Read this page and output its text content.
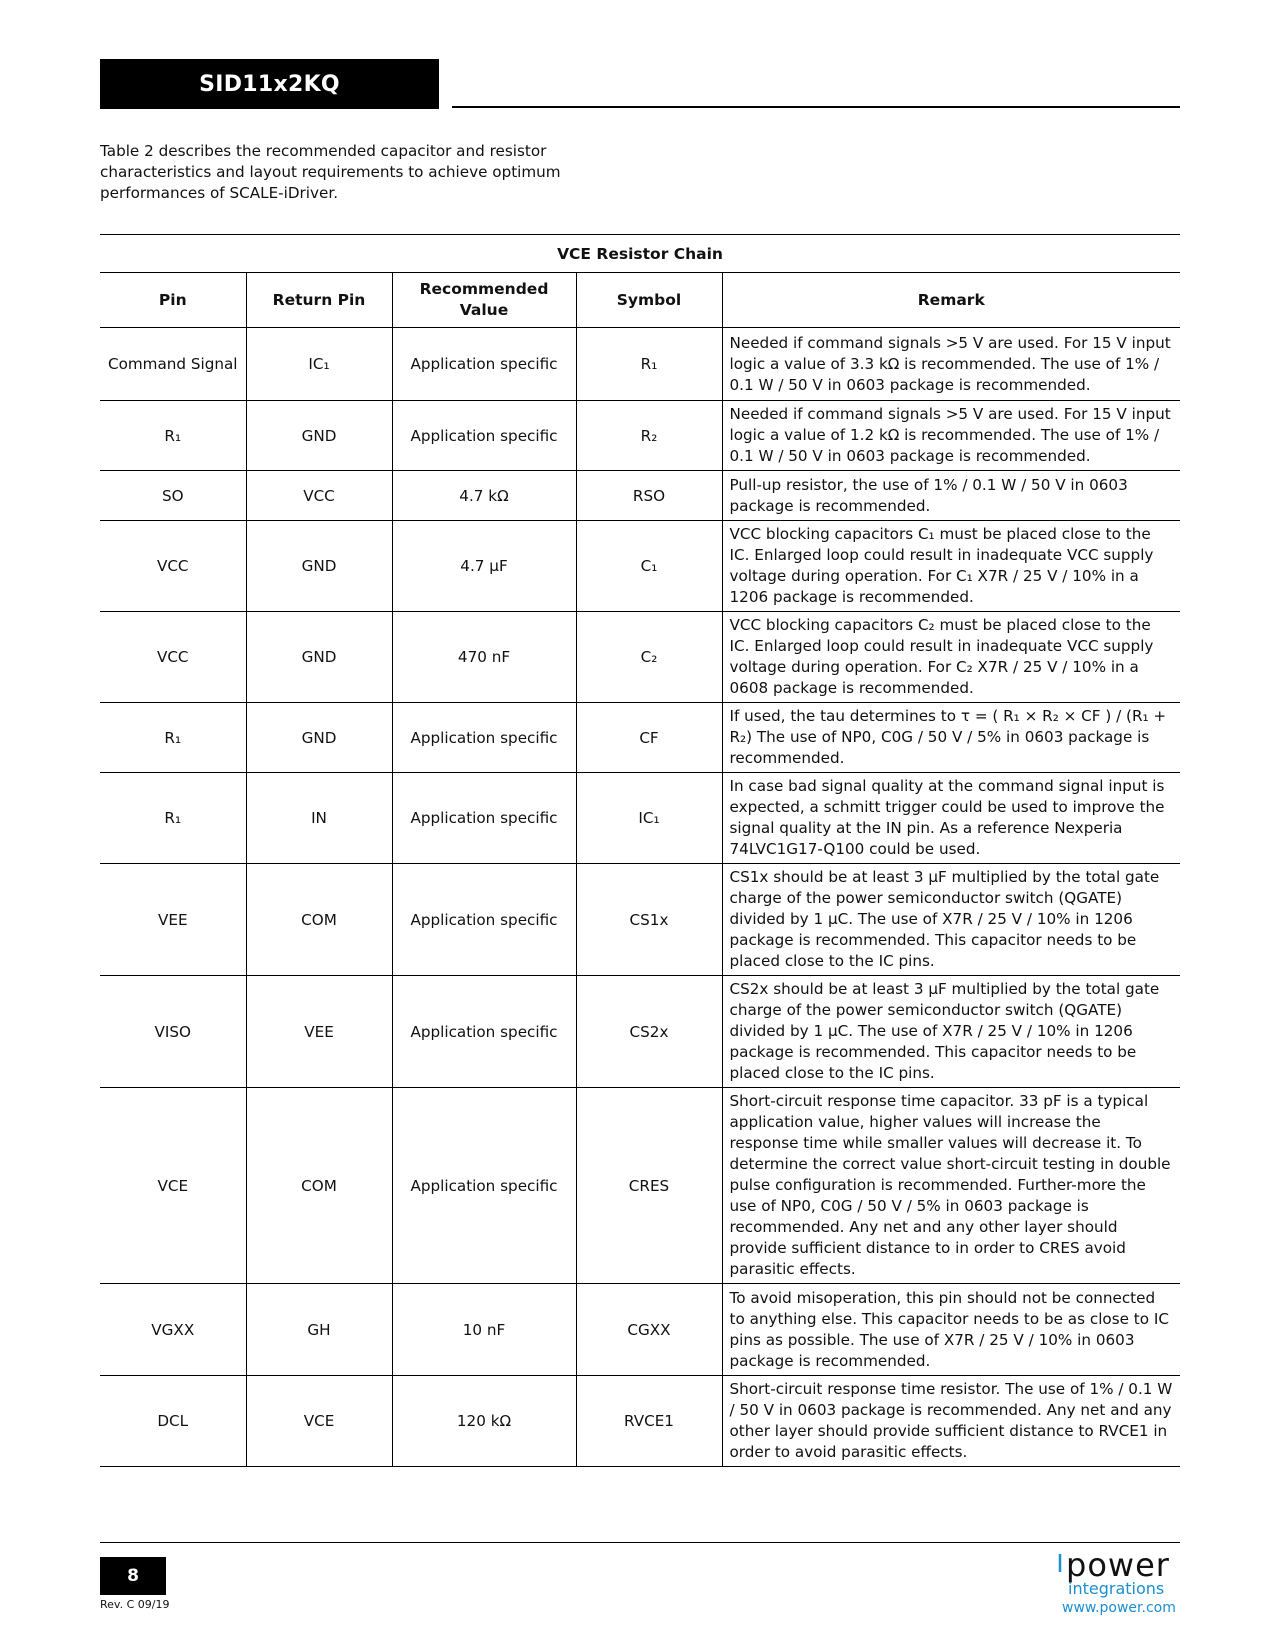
SID11x2KQ

Table 2 describes the recommended capacitor and resistor characteristics and layout requirements to achieve optimum performances of SCALE-iDriver.

VCE Resistor Chain				
Pin	Return Pin	Recommended Value	Symbol	Remark
Command Signal	IC₁	Application specific	R₁	Needed if command signals >5 V are used. For 15 V input logic a value of 3.3 kΩ is recommended. The use of 1% / 0.1 W / 50 V in 0603 package is recommended.
R₁	GND	Application specific	R₂	Needed if command signals >5 V are used. For 15 V input logic a value of 1.2 kΩ is recommended. The use of 1% / 0.1 W / 50 V in 0603 package is recommended.
SO	VCC	4.7 kΩ	RSO	Pull-up resistor, the use of 1% / 0.1 W / 50 V in 0603 package is recommended.
VCC	GND	4.7 µF	C₁	VCC blocking capacitors C₁ must be placed close to the IC. Enlarged loop could result in inadequate VCC supply voltage during operation. For C₁ X7R / 25 V / 10% in a 1206 package is recommended.
VCC	GND	470 nF	C₂	VCC blocking capacitors C₂ must be placed close to the IC. Enlarged loop could result in inadequate VCC supply voltage during operation. For C₂ X7R / 25 V / 10% in a 0608 package is recommended.
R₁	GND	Application specific	CF	If used, the tau determines to τ = ( R₁ × R₂ × CF ) / (R₁ + R₂) The use of NP0, C0G / 50 V / 5% in 0603 package is recommended.
R₁	IN	Application specific	IC₁	In case bad signal quality at the command signal input is expected, a schmitt trigger could be used to improve the signal quality at the IN pin. As a reference Nexperia 74LVC1G17-Q100 could be used.
VEE	COM	Application specific	CS1x	CS1x should be at least 3 µF multiplied by the total gate charge of the power semiconductor switch (QGATE) divided by 1 µC. The use of X7R / 25 V / 10% in 1206 package is recommended. This capacitor needs to be placed close to the IC pins.
VISO	VEE	Application specific	CS2x	CS2x should be at least 3 µF multiplied by the total gate charge of the power semiconductor switch (QGATE) divided by 1 µC. The use of X7R / 25 V / 10% in 1206 package is recommended. This capacitor needs to be placed close to the IC pins.
VCE	COM	Application specific	CRES	Short-circuit response time capacitor. 33 pF is a typical application value, higher values will increase the response time while smaller values will decrease it. To determine the correct value short-circuit testing in double pulse configuration is recommended. Further-more the use of NP0, C0G / 50 V / 5% in 0603 package is recommended. Any net and any other layer should provide sufficient distance to in order to CRES avoid parasitic effects.
VGXX	GH	10 nF	CGXX	To avoid misoperation, this pin should not be connected to anything else. This capacitor needs to be as close to IC pins as possible. The use of X7R / 25 V / 10% in 0603 package is recommended.
DCL	VCE	120 kΩ	RVCE1	Short-circuit response time resistor. The use of 1% / 0.1 W / 50 V in 0603 package is recommended. Any net and any other layer should provide sufficient distance to RVCE1 in order to avoid parasitic effects.
8
Rev. C 09/19
power
integrations
www.power.com
